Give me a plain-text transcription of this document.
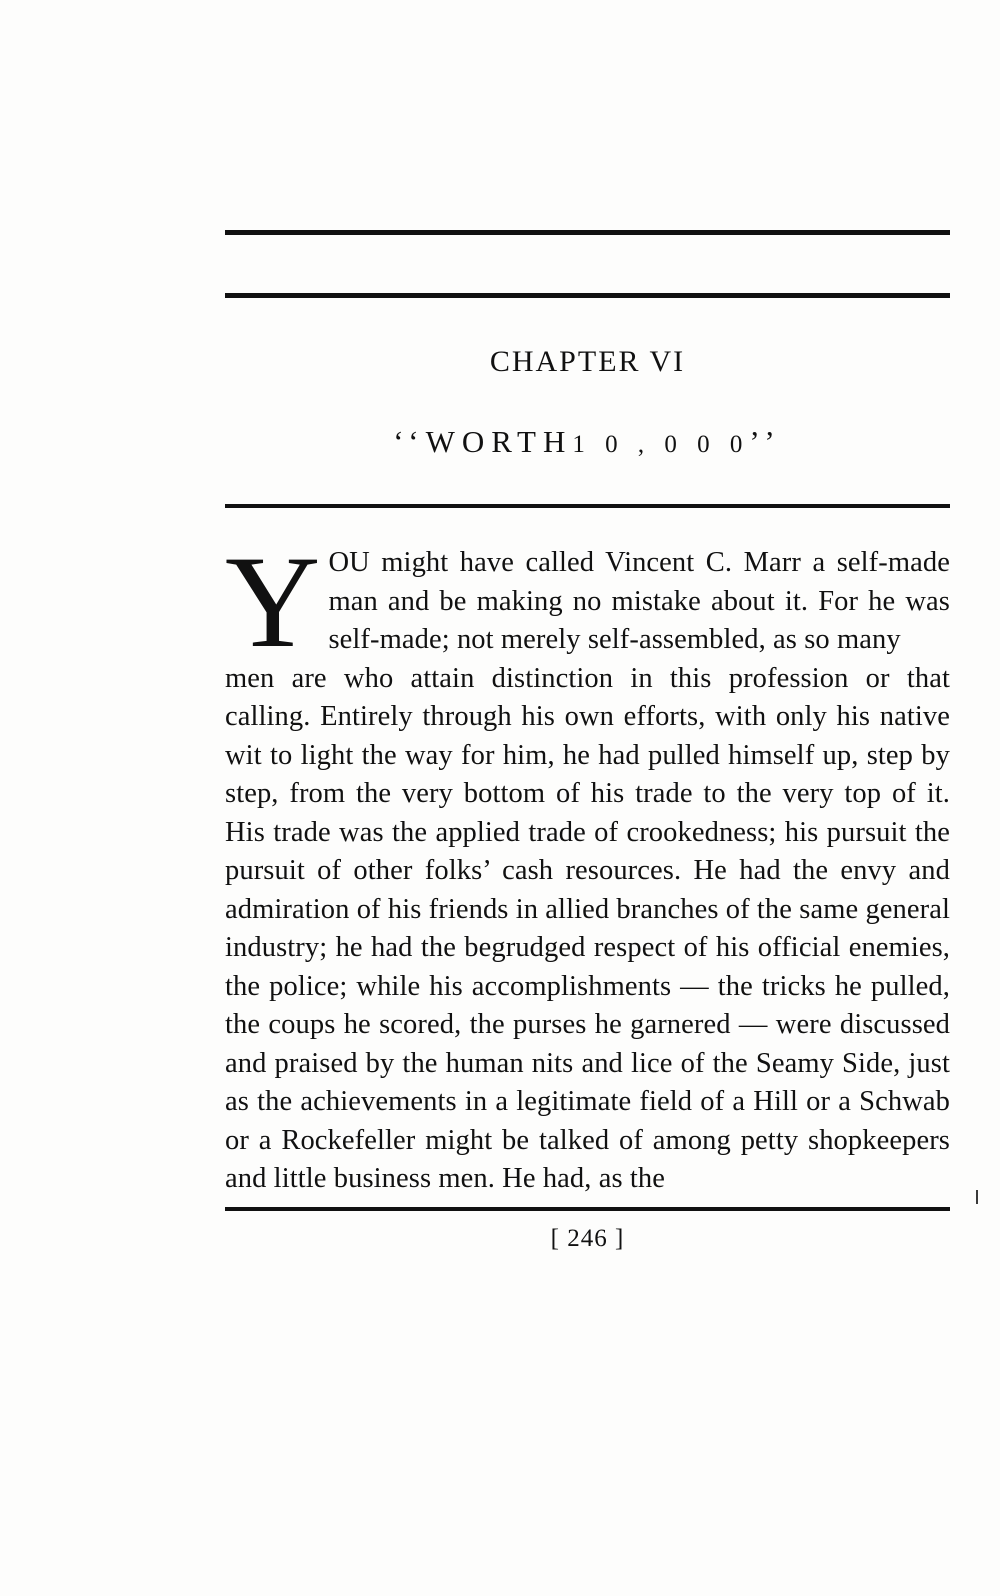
CHAPTER VI
‘‘WORTH1 0 , 0 0 0’’
Y OU might have called Vincent C. Marr a self-made man and be making no mistake about it. For he was self-made; not merely self-assembled, as so many
men are who attain distinction in this profession or that calling. Entirely through his own efforts, with only his native wit to light the way for him, he had pulled himself up, step by step, from the very bottom of his trade to the very top of it. His trade was the applied trade of crookedness; his pursuit the pursuit of other folks’ cash resources. He had the envy and admiration of his friends in allied branches of the same general industry; he had the begrudged respect of his official enemies, the police; while his accomplishments — the tricks he pulled, the coups he scored, the purses he garnered — were discussed and praised by the human nits and lice of the Seamy Side, just as the achievements in a legitimate field of a Hill or a Schwab or a Rockefeller might be talked of among petty shopkeepers and little business men. He had, as the
[ 246 ]
